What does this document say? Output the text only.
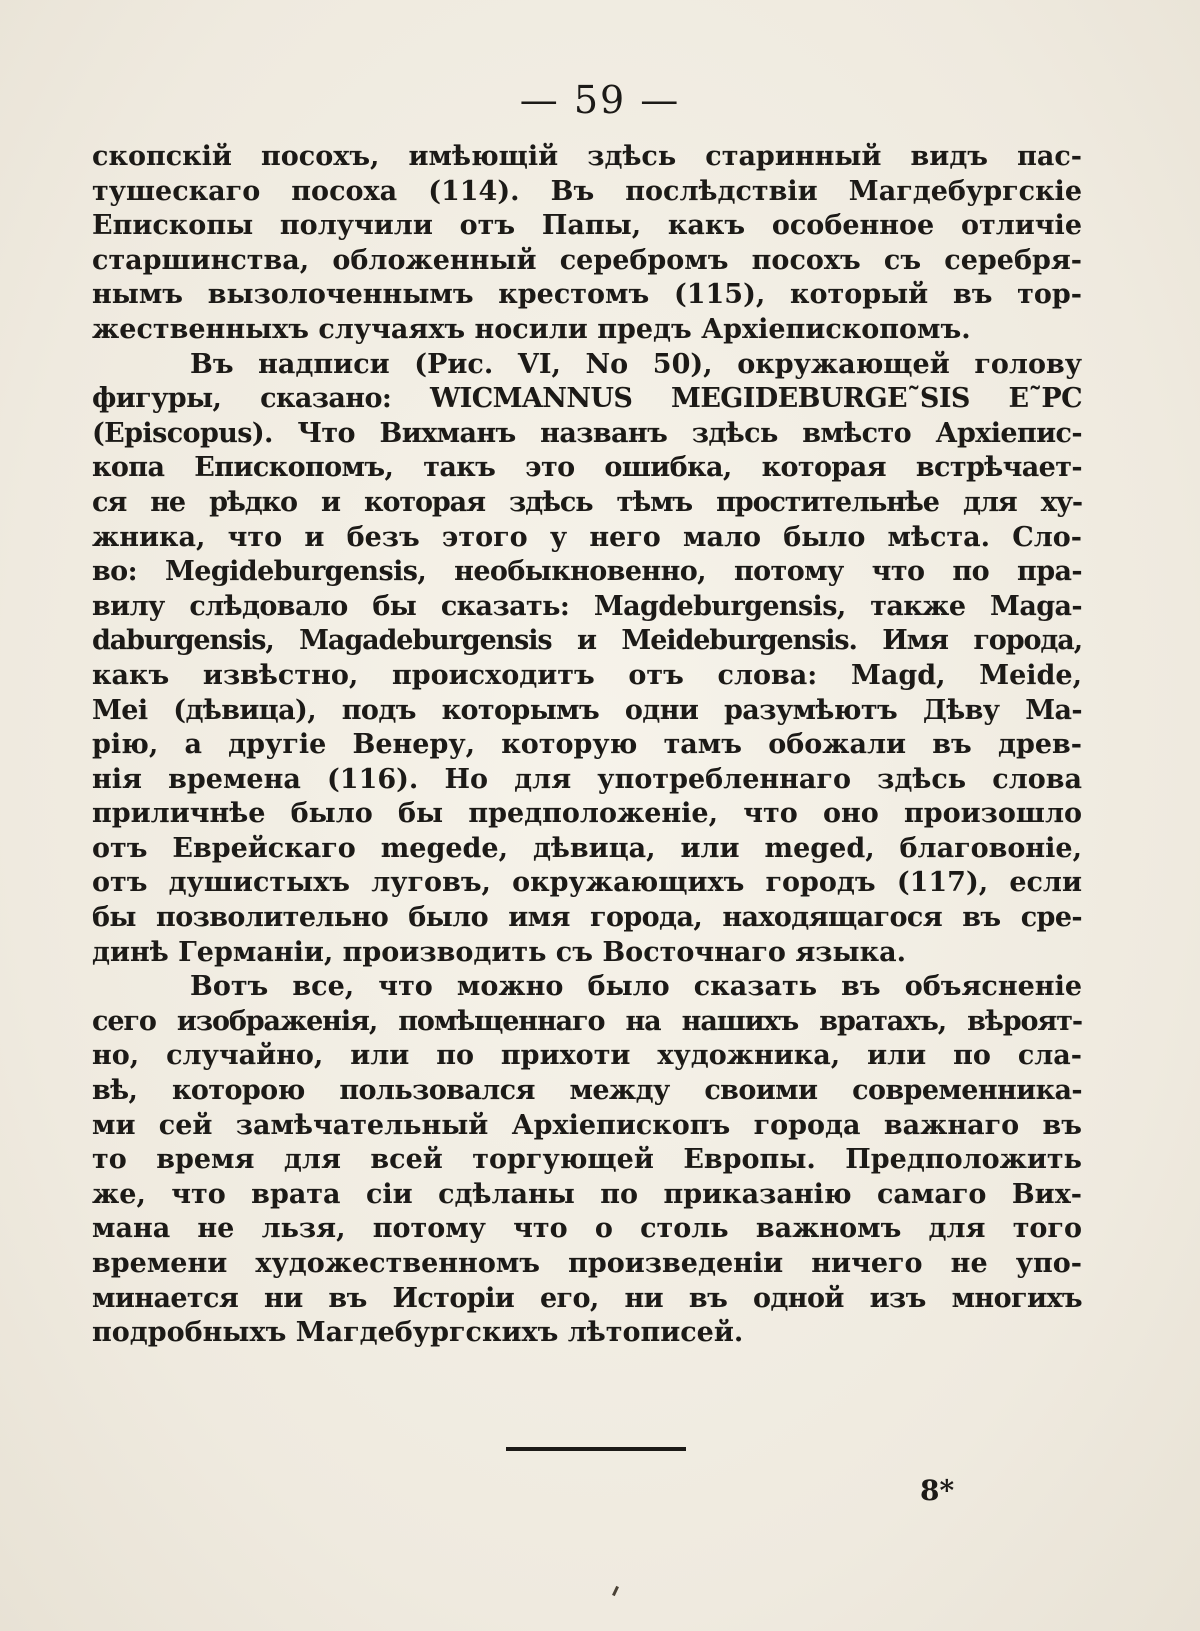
— 59 —
скопскій посохъ, имѣющій здѣсь старинный видъ пас-
тушескаго посоха (114). Въ послѣдствіи Магдебургскіе
Епископы получили отъ Папы, какъ особенное отличіе
старшинства, обложенный серебромъ посохъ съ серебря-
нымъ вызолоченнымъ крестомъ (115), который въ тор-
жественныхъ случаяхъ носили предъ Архіепископомъ.
Въ надписи (Рис. VI, No 50), окружающей голову
фигуры, сказано: WICMANNUS MEGIDEBURGE˜SIS E˜PC
(Episcopus). Что Вихманъ названъ здѣсь вмѣсто Архіепис-
копа Епископомъ, такъ это ошибка, которая встрѣчает-
ся не рѣдко и которая здѣсь тѣмъ простительнѣе для ху-
жника, что и безъ этого у него мало было мѣста. Сло-
во: Megideburgensis, необыкновенно, потому что по пра-
вилу слѣдовало бы сказать: Magdeburgensis, также Maga-
daburgensis, Magadeburgensis и Meideburgensis. Имя города,
какъ извѣстно, происходитъ отъ слова: Magd, Meide,
Mei (дѣвица), подъ которымъ одни разумѣютъ Дѣву Ма-
рію, а другіе Венеру, которую тамъ обожали въ древ-
нія времена (116). Но для употребленнаго здѣсь слова
приличнѣе было бы предположеніе, что оно произошло
отъ Еврейскаго megede, дѣвица, или meged, благовоніе,
отъ душистыхъ луговъ, окружающихъ городъ (117), если
бы позволительно было имя города, находящагося въ сре-
динѣ Германіи, производить съ Восточнаго языка.
Вотъ все, что можно было сказать въ объясненіе
сего изображенія, помѣщеннаго на нашихъ вратахъ, вѣроят-
но, случайно, или по прихоти художника, или по сла-
вѣ, которою пользовался между своими современника-
ми сей замѣчательный Архіепископъ города важнаго въ
то время для всей торгующей Европы. Предположить
же, что врата сіи сдѣланы по приказанію самаго Вих-
мана не льзя, потому что о столь важномъ для того
времени художественномъ произведеніи ничего не упо-
минается ни въ Исторіи его, ни въ одной изъ многихъ
подробныхъ Магдебургскихъ лѣтописей.
8*
